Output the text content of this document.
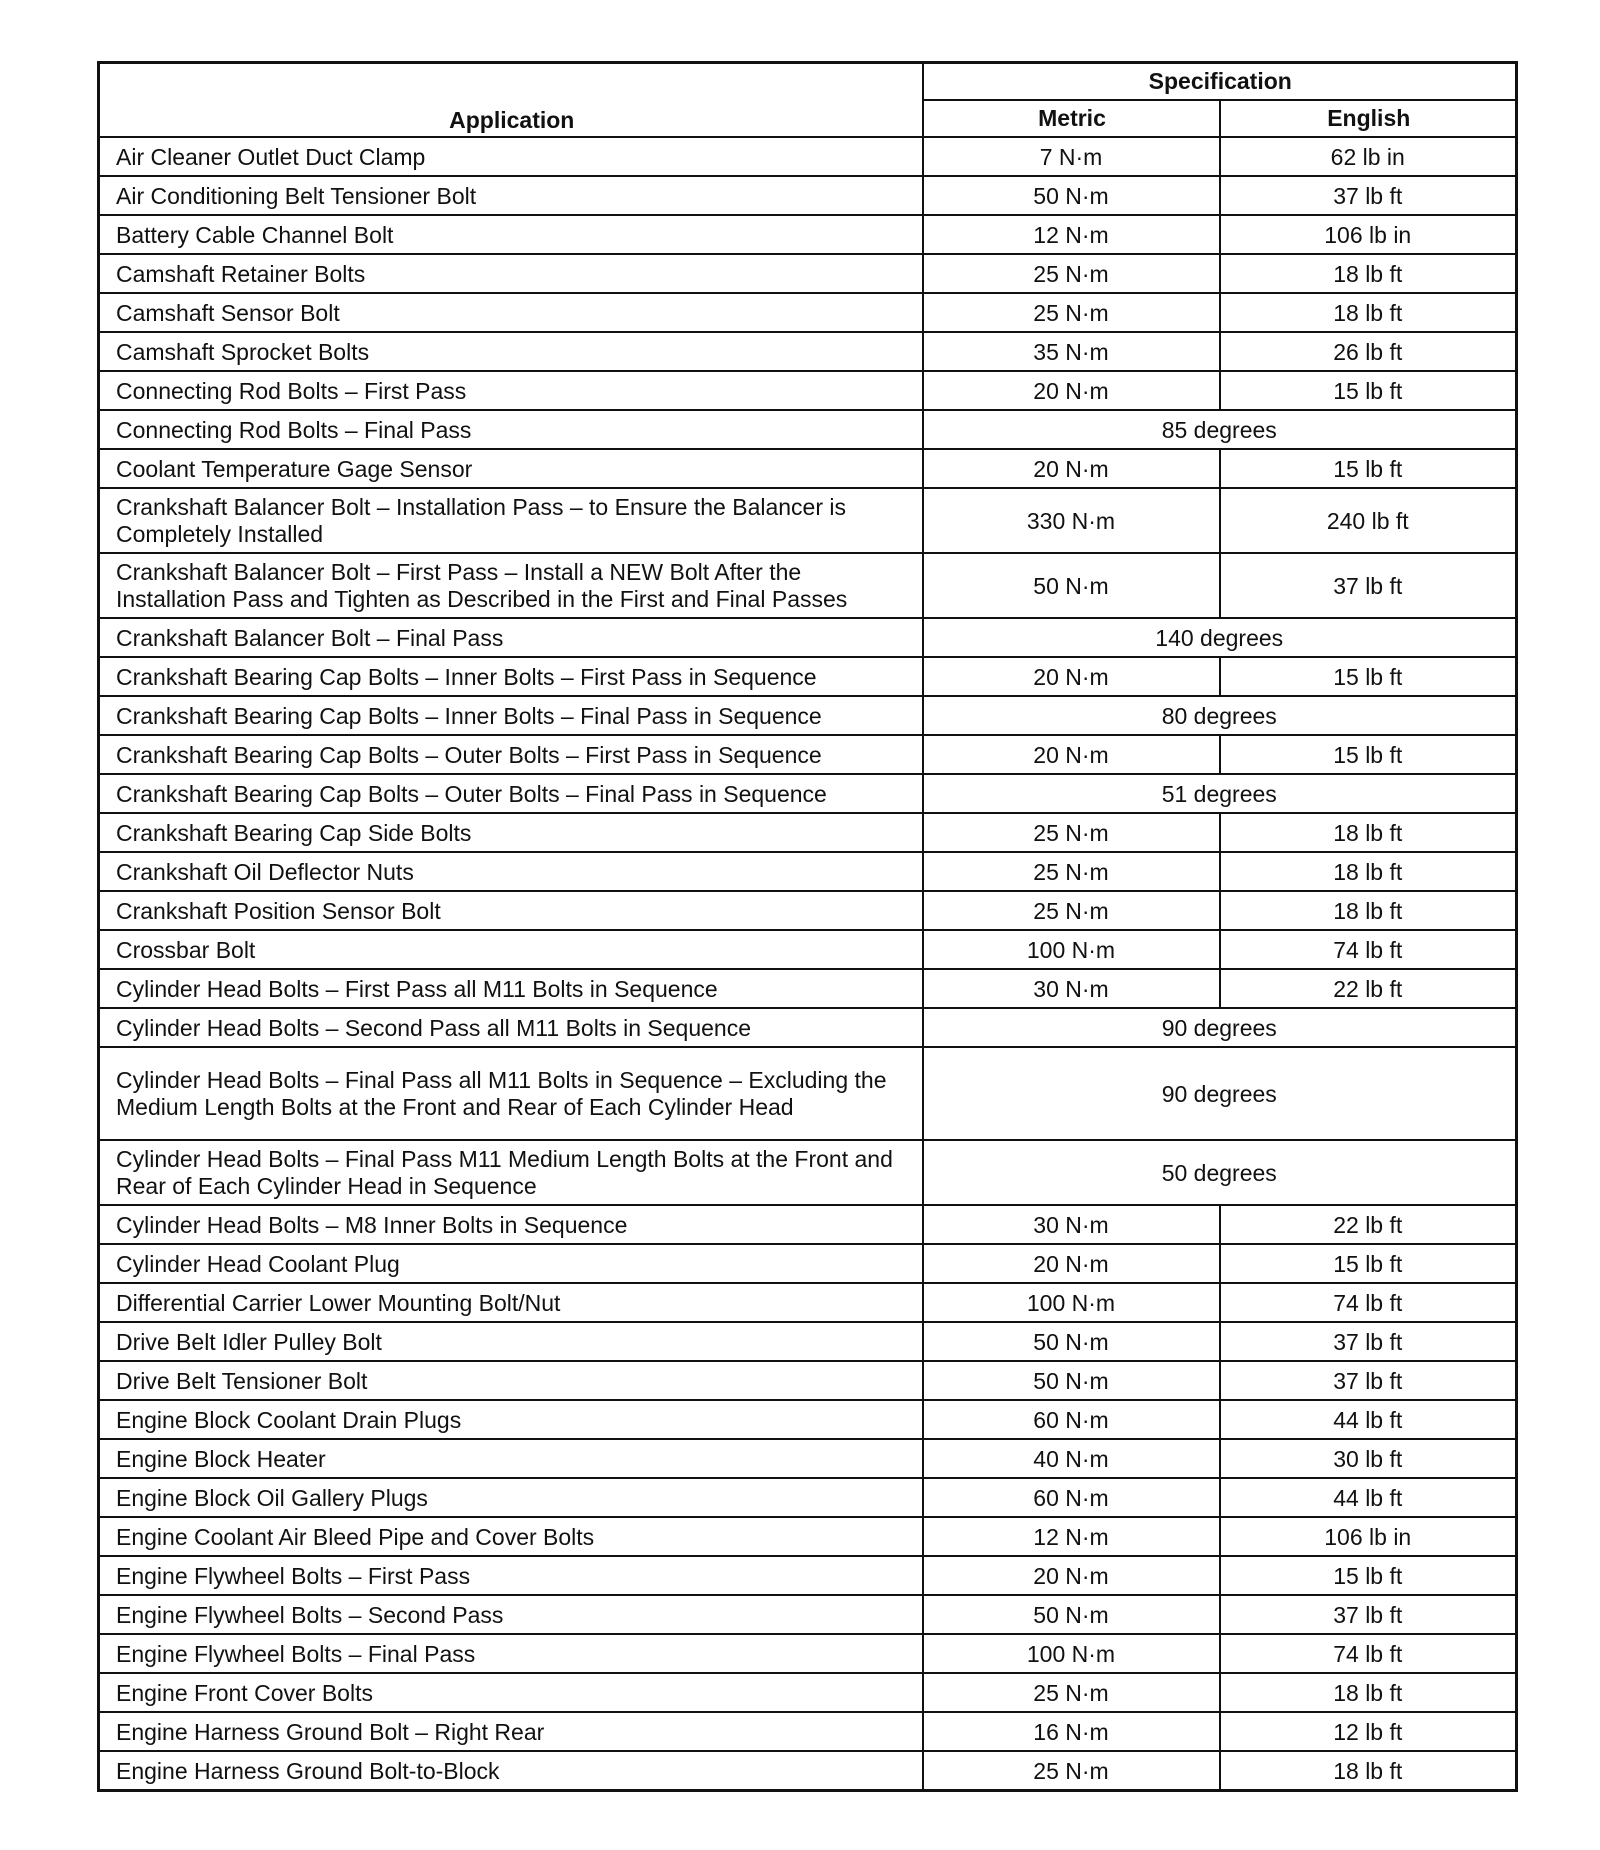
Application	Specification	
	Metric	English
Air Cleaner Outlet Duct Clamp	7 N·m	62 lb in
Air Conditioning Belt Tensioner Bolt	50 N·m	37 lb ft
Battery Cable Channel Bolt	12 N·m	106 lb in
Camshaft Retainer Bolts	25 N·m	18 lb ft
Camshaft Sensor Bolt	25 N·m	18 lb ft
Camshaft Sprocket Bolts	35 N·m	26 lb ft
Connecting Rod Bolts – First Pass	20 N·m	15 lb ft
Connecting Rod Bolts – Final Pass	85 degrees	
Coolant Temperature Gage Sensor	20 N·m	15 lb ft
Crankshaft Balancer Bolt – Installation Pass – to Ensure the Balancer is Completely Installed	330 N·m	240 lb ft
Crankshaft Balancer Bolt – First Pass – Install a NEW Bolt After the Installation Pass and Tighten as Described in the First and Final Passes	50 N·m	37 lb ft
Crankshaft Balancer Bolt – Final Pass	140 degrees	
Crankshaft Bearing Cap Bolts – Inner Bolts – First Pass in Sequence	20 N·m	15 lb ft
Crankshaft Bearing Cap Bolts – Inner Bolts – Final Pass in Sequence	80 degrees	
Crankshaft Bearing Cap Bolts – Outer Bolts – First Pass in Sequence	20 N·m	15 lb ft
Crankshaft Bearing Cap Bolts – Outer Bolts – Final Pass in Sequence	51 degrees	
Crankshaft Bearing Cap Side Bolts	25 N·m	18 lb ft
Crankshaft Oil Deflector Nuts	25 N·m	18 lb ft
Crankshaft Position Sensor Bolt	25 N·m	18 lb ft
Crossbar Bolt	100 N·m	74 lb ft
Cylinder Head Bolts – First Pass all M11 Bolts in Sequence	30 N·m	22 lb ft
Cylinder Head Bolts – Second Pass all M11 Bolts in Sequence	90 degrees	
Cylinder Head Bolts – Final Pass all M11 Bolts in Sequence – Excluding the Medium Length Bolts at the Front and Rear of Each Cylinder Head	90 degrees	
Cylinder Head Bolts – Final Pass M11 Medium Length Bolts at the Front and Rear of Each Cylinder Head in Sequence	50 degrees	
Cylinder Head Bolts – M8 Inner Bolts in Sequence	30 N·m	22 lb ft
Cylinder Head Coolant Plug	20 N·m	15 lb ft
Differential Carrier Lower Mounting Bolt/Nut	100 N·m	74 lb ft
Drive Belt Idler Pulley Bolt	50 N·m	37 lb ft
Drive Belt Tensioner Bolt	50 N·m	37 lb ft
Engine Block Coolant Drain Plugs	60 N·m	44 lb ft
Engine Block Heater	40 N·m	30 lb ft
Engine Block Oil Gallery Plugs	60 N·m	44 lb ft
Engine Coolant Air Bleed Pipe and Cover Bolts	12 N·m	106 lb in
Engine Flywheel Bolts – First Pass	20 N·m	15 lb ft
Engine Flywheel Bolts – Second Pass	50 N·m	37 lb ft
Engine Flywheel Bolts – Final Pass	100 N·m	74 lb ft
Engine Front Cover Bolts	25 N·m	18 lb ft
Engine Harness Ground Bolt – Right Rear	16 N·m	12 lb ft
Engine Harness Ground Bolt-to-Block	25 N·m	18 lb ft
